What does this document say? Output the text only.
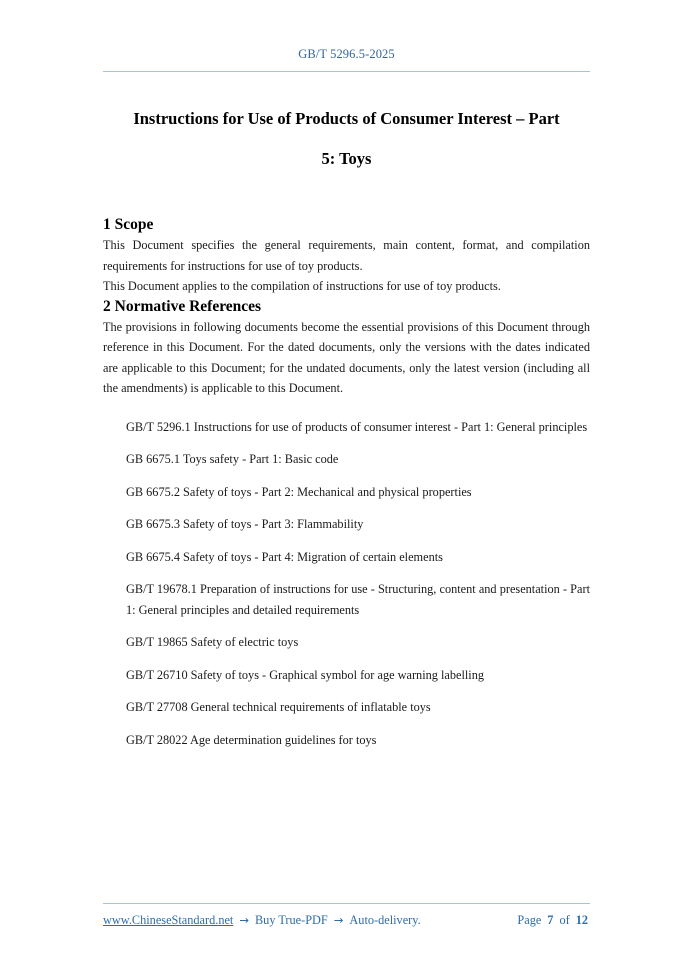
GB/T 5296.5-2025
Instructions for Use of Products of Consumer Interest – Part
5: Toys
1 Scope

This Document specifies the general requirements, main content, format, and compilation requirements for instructions for use of toy products.

This Document applies to the compilation of instructions for use of toy products.

2 Normative References

The provisions in following documents become the essential provisions of this Document through reference in this Document. For the dated documents, only the versions with the dates indicated are applicable to this Document; for the undated documents, only the latest version (including all the amendments) is applicable to this Document.

GB/T 5296.1 Instructions for use of products of consumer interest - Part 1: General principles
GB 6675.1 Toys safety - Part 1: Basic code
GB 6675.2 Safety of toys - Part 2: Mechanical and physical properties
GB 6675.3 Safety of toys - Part 3: Flammability
GB 6675.4 Safety of toys - Part 4: Migration of certain elements
GB/T 19678.1 Preparation of instructions for use - Structuring, content and presentation - Part 1: General principles and detailed requirements
GB/T 19865 Safety of electric toys
GB/T 26710 Safety of toys - Graphical symbol for age warning labelling
GB/T 27708 General technical requirements of inflatable toys
GB/T 28022 Age determination guidelines for toys
www.ChineseStandard.net → Buy True-PDF → Auto-delivery.	Page 7 of 12
